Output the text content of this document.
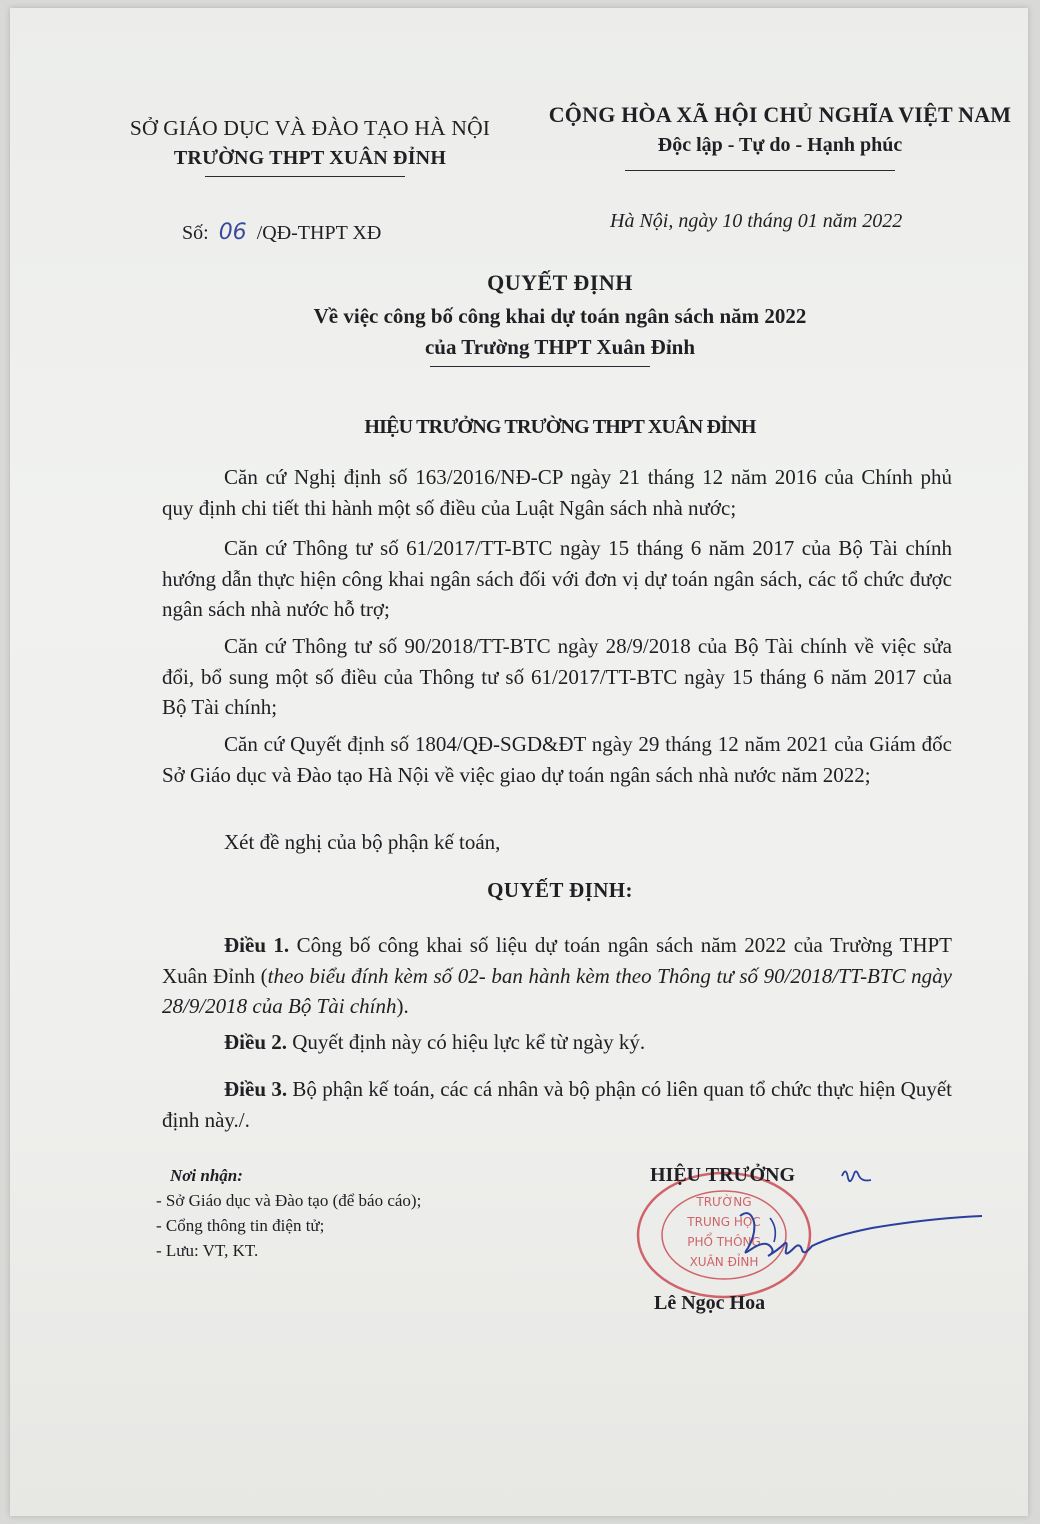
SỞ GIÁO DỤC VÀ ĐÀO TẠO HÀ NỘI
TRƯỜNG THPT XUÂN ĐỈNH
CỘNG HÒA XÃ HỘI CHỦ NGHĨA VIỆT NAM
Độc lập - Tự do - Hạnh phúc
Số: 06 /QĐ-THPT XĐ
Hà Nội, ngày 10 tháng 01 năm 2022
QUYẾT ĐỊNH
Về việc công bố công khai dự toán ngân sách năm 2022
của Trường THPT Xuân Đỉnh
HIỆU TRƯỞNG TRƯỜNG THPT XUÂN ĐỈNH

Căn cứ Nghị định số 163/2016/NĐ-CP ngày 21 tháng 12 năm 2016 của Chính phủ quy định chi tiết thi hành một số điều của Luật Ngân sách nhà nước;

Căn cứ Thông tư số 61/2017/TT-BTC ngày 15 tháng 6 năm 2017 của Bộ Tài chính hướng dẫn thực hiện công khai ngân sách đối với đơn vị dự toán ngân sách, các tổ chức được ngân sách nhà nước hỗ trợ;

Căn cứ Thông tư số 90/2018/TT-BTC ngày 28/9/2018 của Bộ Tài chính về việc sửa đổi, bổ sung một số điều của Thông tư số 61/2017/TT-BTC ngày 15 tháng 6 năm 2017 của Bộ Tài chính;

Căn cứ Quyết định số 1804/QĐ-SGD&ĐT ngày 29 tháng 12 năm 2021 của Giám đốc Sở Giáo dục và Đào tạo Hà Nội về việc giao dự toán ngân sách nhà nước năm 2022;

Xét đề nghị của bộ phận kế toán,

QUYẾT ĐỊNH:

Điều 1. Công bố công khai số liệu dự toán ngân sách năm 2022 của Trường THPT Xuân Đỉnh (theo biểu đính kèm số 02- ban hành kèm theo Thông tư số 90/2018/TT-BTC ngày 28/9/2018 của Bộ Tài chính).

Điều 2. Quyết định này có hiệu lực kể từ ngày ký.

Điều 3. Bộ phận kế toán, các cá nhân và bộ phận có liên quan tổ chức thực hiện Quyết định này./.

Nơi nhận:
- Sở Giáo dục và Đào tạo (để báo cáo);
- Cổng thông tin điện tử;
- Lưu: VT, KT.
TRƯỜNG
TRUNG HỌC
PHỔ THÔNG
XUÂN ĐỈNH
HIỆU TRƯỞNG
Lê Ngọc Hoa
